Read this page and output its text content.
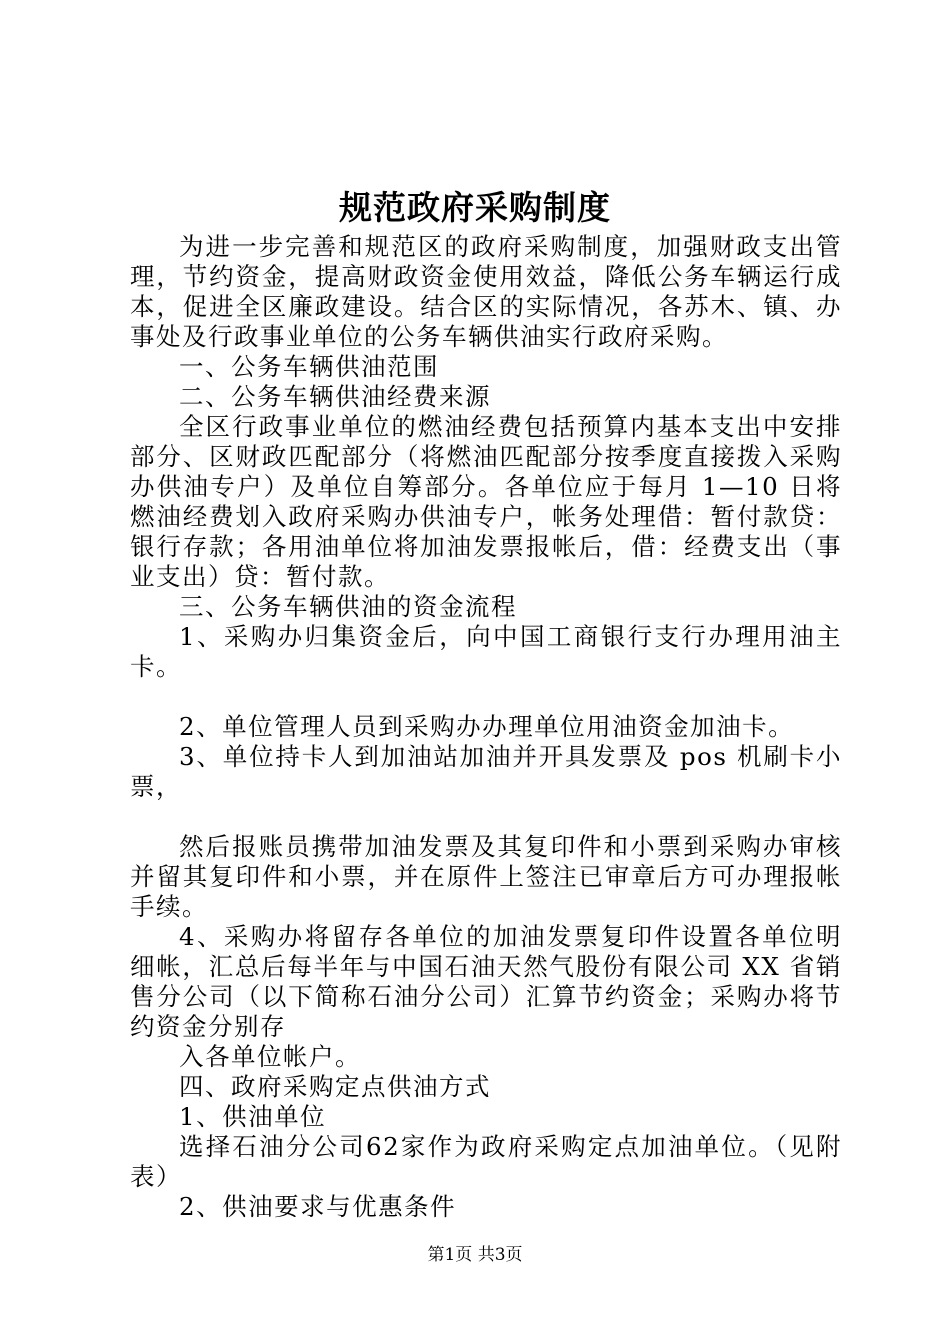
规范政府采购制度

为进一步完善和规范区的政府采购制度，加强财政支出管理，节约资金，提高财政资金使用效益，降低公务车辆运行成本，促进全区廉政建设。结合区的实际情况，各苏木、镇、办事处及行政事业单位的公务车辆供油实行政府采购。

一、公务车辆供油范围

二、公务车辆供油经费来源

全区行政事业单位的燃油经费包括预算内基本支出中安排部分、区财政匹配部分（将燃油匹配部分按季度直接拨入采购办供油专户）及单位自筹部分。各单位应于每月 1—10 日将燃油经费划入政府采购办供油专户，帐务处理借：暂付款贷：银行存款；各用油单位将加油发票报帐后，借：经费支出（事业支出）贷：暂付款。

三、公务车辆供油的资金流程

1、采购办归集资金后，向中国工商银行支行办理用油主卡。

2、单位管理人员到采购办办理单位用油资金加油卡。

3、单位持卡人到加油站加油并开具发票及 pos 机刷卡小票，

然后报账员携带加油发票及其复印件和小票到采购办审核并留其复印件和小票，并在原件上签注已审章后方可办理报帐手续。

4、采购办将留存各单位的加油发票复印件设置各单位明细帐，汇总后每半年与中国石油天然气股份有限公司 XX 省销售分公司（以下简称石油分公司）汇算节约资金；采购办将节约资金分别存

入各单位帐户。

四、政府采购定点供油方式

1、供油单位

选择石油分公司62家作为政府采购定点加油单位。（见附表）

2、供油要求与优惠条件

第1页 共3页
